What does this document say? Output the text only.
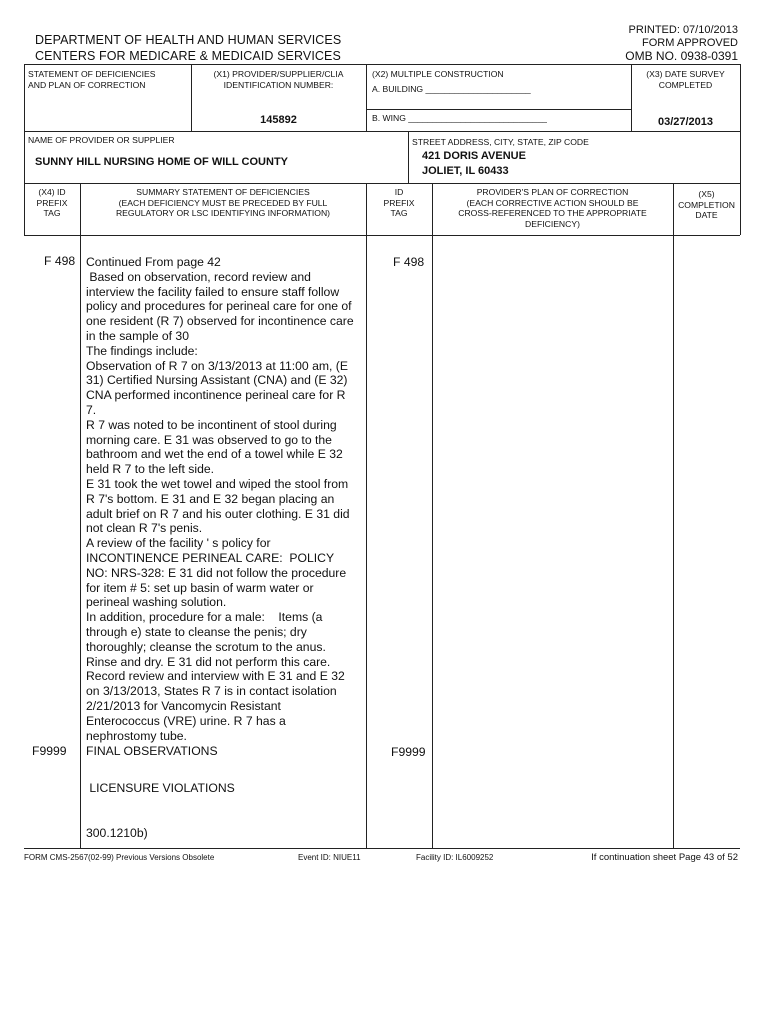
PRINTED: 07/10/2013
FORM APPROVED
OMB NO. 0938-0391
DEPARTMENT OF HEALTH AND HUMAN SERVICES
CENTERS FOR MEDICARE & MEDICAID SERVICES
STATEMENT OF DEFICIENCIES
AND PLAN OF CORRECTION
(X1) PROVIDER/SUPPLIER/CLIA
IDENTIFICATION NUMBER:
145892
(X2) MULTIPLE CONSTRUCTION
A. BUILDING ______________________
B. WING _____________________________
(X3) DATE SURVEY
COMPLETED
03/27/2013
NAME OF PROVIDER OR SUPPLIER
SUNNY HILL NURSING HOME OF WILL COUNTY
STREET ADDRESS, CITY, STATE, ZIP CODE
421 DORIS AVENUE
JOLIET, IL 60433
(X4) ID
PREFIX
TAG
SUMMARY STATEMENT OF DEFICIENCIES
(EACH DEFICIENCY MUST BE PRECEDED BY FULL
REGULATORY OR LSC IDENTIFYING INFORMATION)
ID
PREFIX
TAG
PROVIDER'S PLAN OF CORRECTION
(EACH CORRECTIVE ACTION SHOULD BE
CROSS-REFERENCED TO THE APPROPRIATE
DEFICIENCY)
(X5)
COMPLETION
DATE
F 498	F 498
Continued From page 42
Based on observation, record review and
interview the facility failed to ensure staff follow
policy and procedures for perineal care for one of
one resident (R 7) observed for incontinence care
in the sample of 30
The findings include:
Observation of R 7 on 3/13/2013 at 11:00 am, (E
31) Certified Nursing Assistant (CNA) and (E 32)
CNA performed incontinence perineal care for R
7.
R 7 was noted to be incontinent of stool during
morning care. E 31 was observed to go to the
bathroom and wet the end of a towel while E 32
held R 7 to the left side.
E 31 took the wet towel and wiped the stool from
R 7's bottom. E 31 and E 32 began placing an
adult brief on R 7 and his outer clothing. E 31 did
not clean R 7's penis.
A review of the facility ' s policy for
INCONTINENCE PERINEAL CARE:  POLICY
NO: NRS-328: E 31 did not follow the procedure
for item # 5: set up basin of warm water or
perineal washing solution.
In addition, procedure for a male:    Items (a
through e) state to cleanse the penis; dry
thoroughly; cleanse the scrotum to the anus.
Rinse and dry. E 31 did not perform this care.
Record review and interview with E 31 and E 32
on 3/13/2013, States R 7 is in contact isolation
2/21/2013 for Vancomycin Resistant
Enterococcus (VRE) urine. R 7 has a
nephrostomy tube.
F9999	F9999
FINAL OBSERVATIONS
LICENSURE VIOLATIONS
300.1210b)
FORM CMS-2567(02-99) Previous Versions Obsolete	Event ID: NIUE11	Facility ID: IL6009252	If continuation sheet Page 43 of 52
